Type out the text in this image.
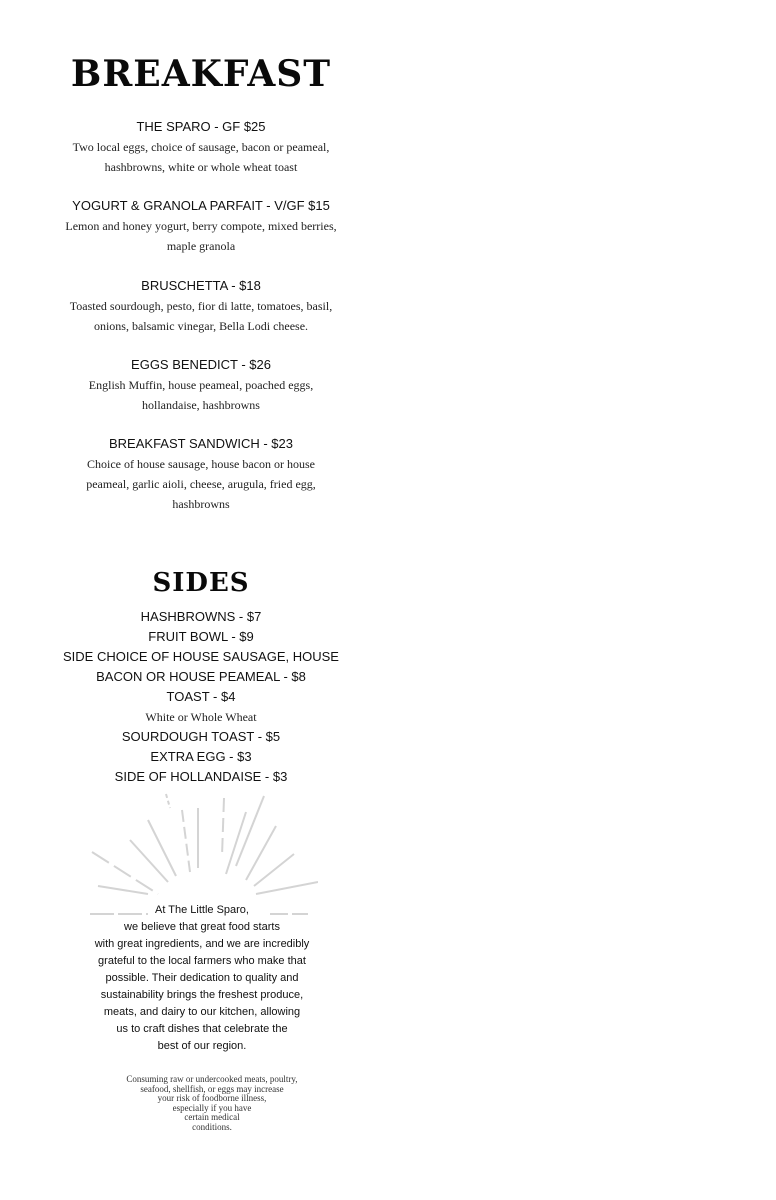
BREAKFAST
THE SPARO - GF $25
Two local eggs, choice of sausage, bacon or peameal,
hashbrowns, white or whole wheat toast
YOGURT & GRANOLA PARFAIT - V/GF $15
Lemon and honey yogurt, berry compote, mixed berries,
maple granola
BRUSCHETTA - $18
Toasted sourdough, pesto, fior di latte, tomatoes, basil,
onions, balsamic vinegar, Bella Lodi cheese.
EGGS BENEDICT - $26
English Muffin, house peameal, poached eggs,
hollandaise, hashbrowns
BREAKFAST SANDWICH - $23
Choice of house sausage, house bacon or house
peameal, garlic aioli, cheese, arugula, fried egg,
hashbrowns
SIDES
HASHBROWNS - $7
FRUIT BOWL - $9
SIDE CHOICE OF HOUSE SAUSAGE, HOUSE
BACON OR HOUSE PEAMEAL - $8
TOAST - $4
White or Whole Wheat
SOURDOUGH TOAST - $5
EXTRA EGG - $3
SIDE OF HOLLANDAISE - $3
At The Little Sparo,
we believe that great food starts
with great ingredients, and we are incredibly
grateful to the local farmers who make that
possible. Their dedication to quality and
sustainability brings the freshest produce,
meats, and dairy to our kitchen, allowing
us to craft dishes that celebrate the
best of our region.
Consuming raw or undercooked meats, poultry,
seafood, shellfish, or eggs may increase
your risk of foodborne illness,
especially if you have
certain medical
conditions.
